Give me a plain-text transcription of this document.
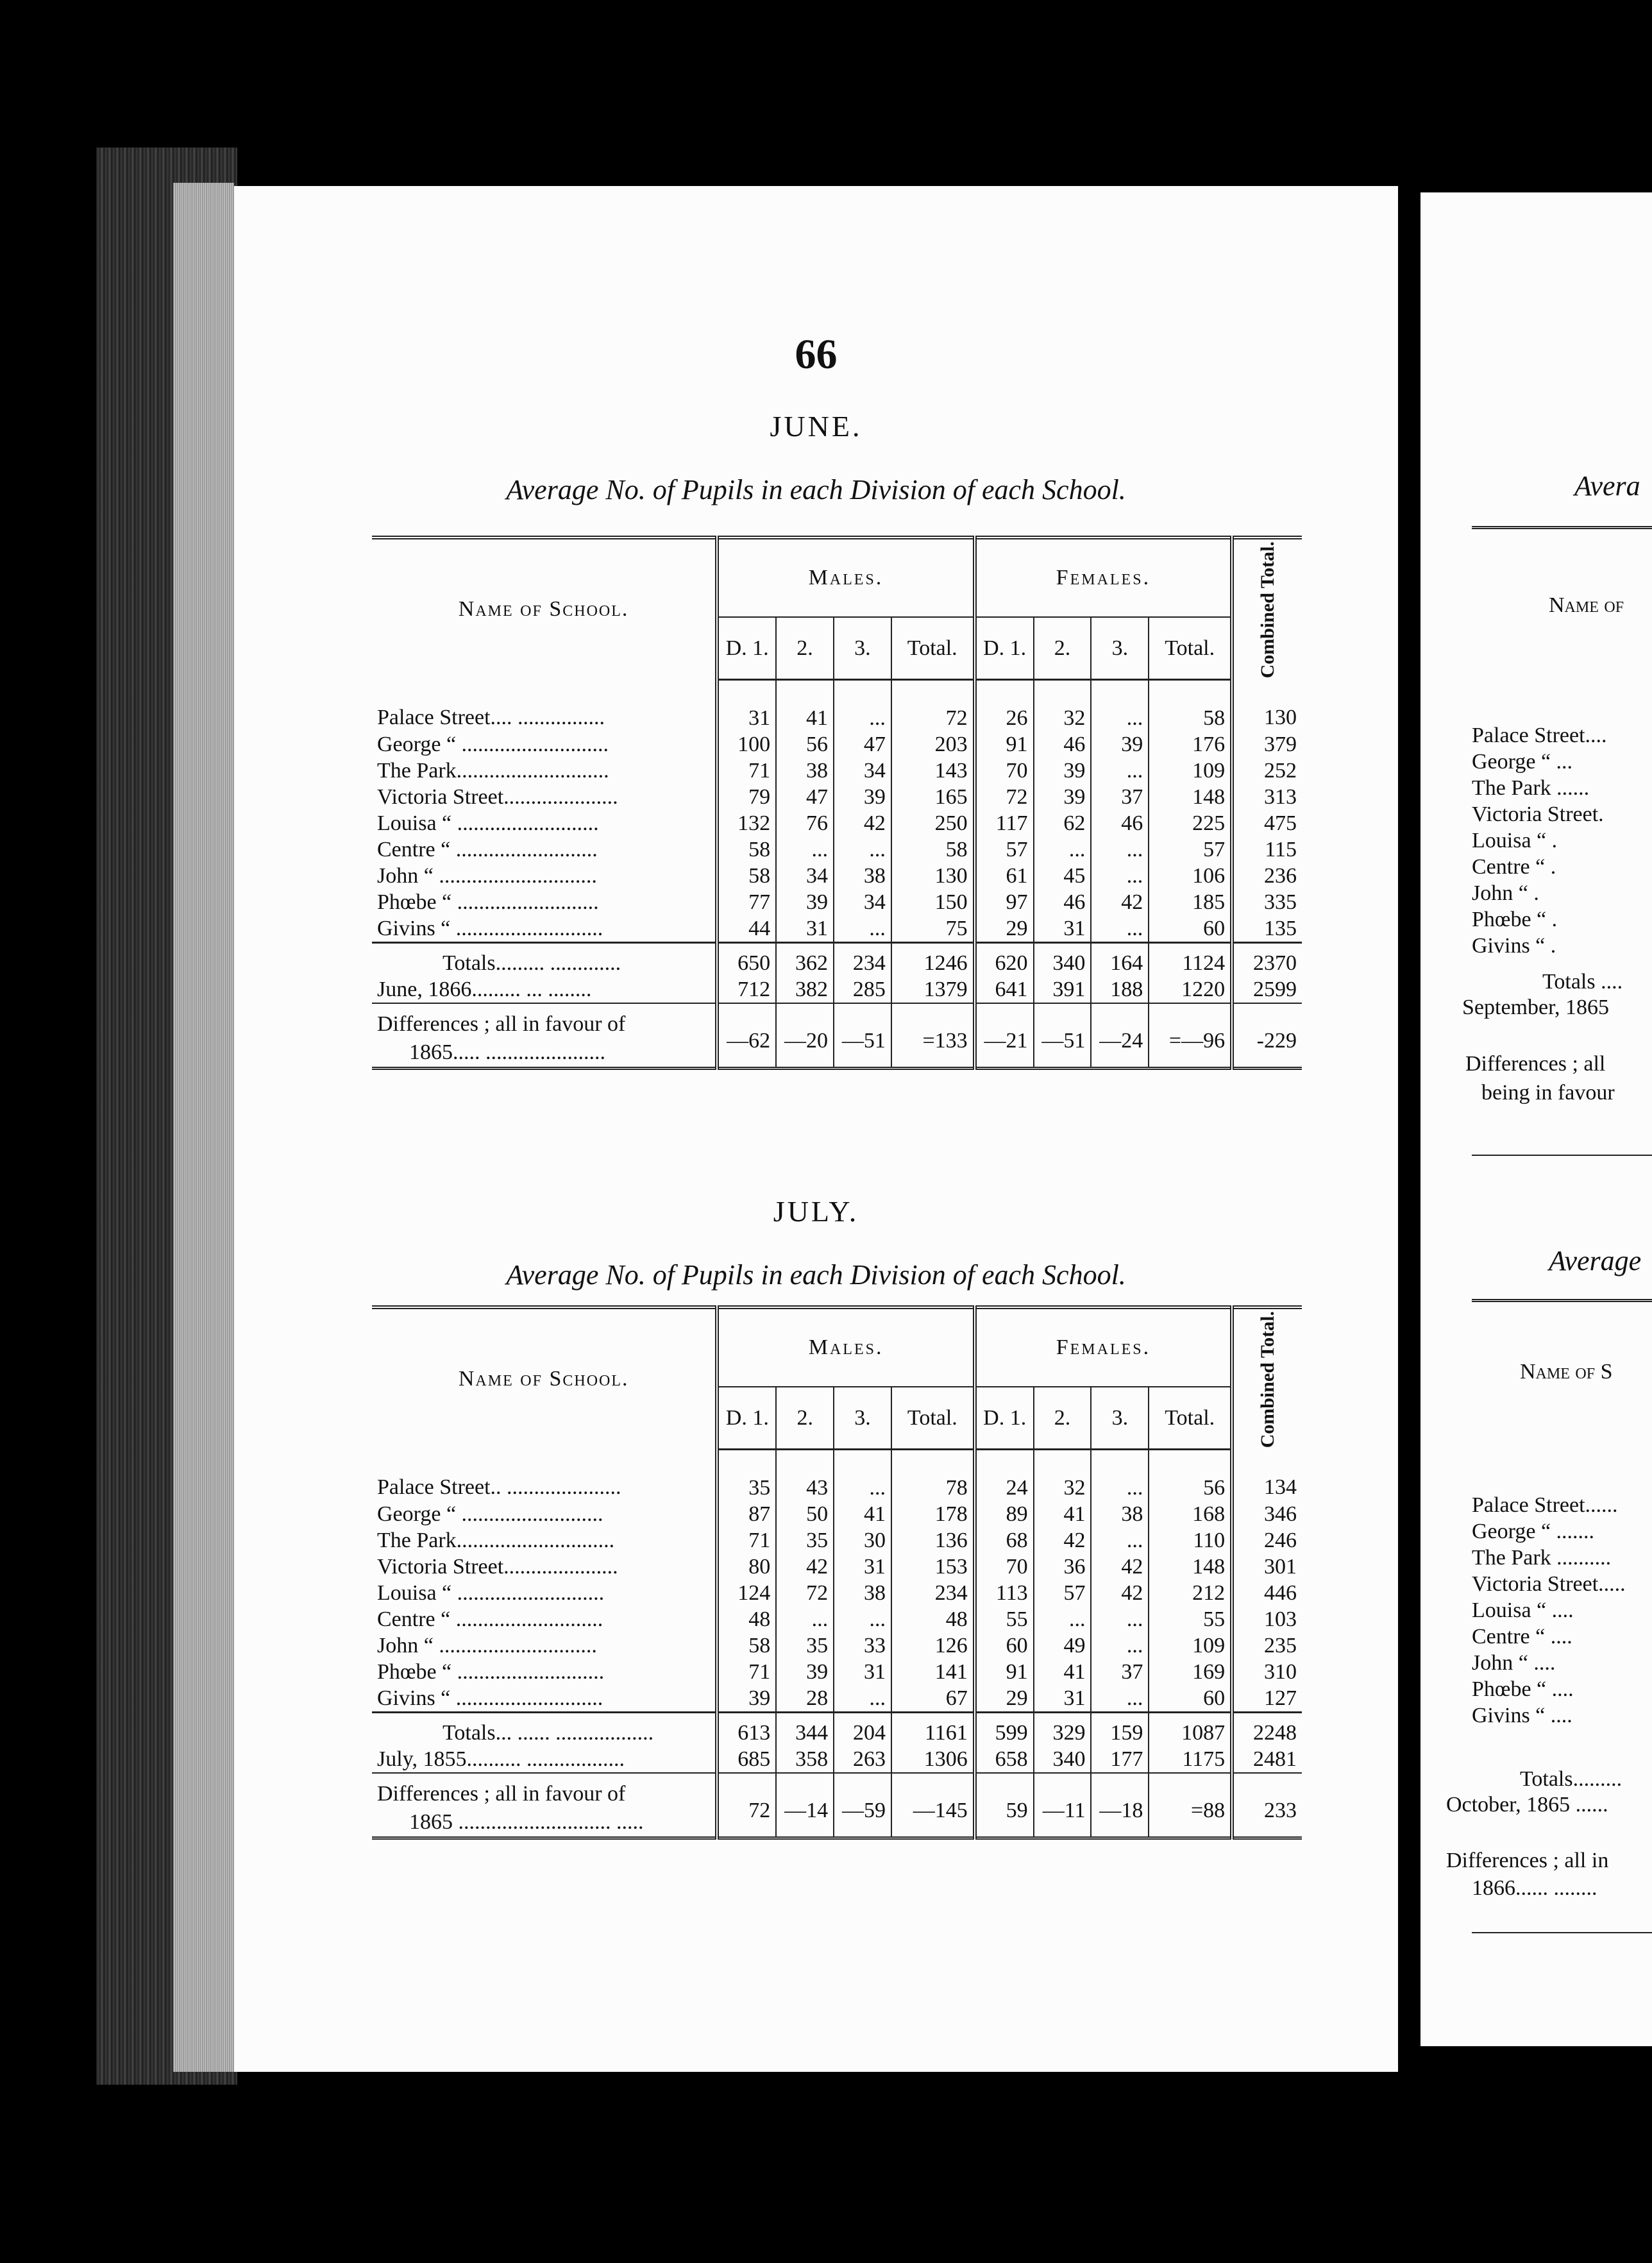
66
JUNE.
Average No. of Pupils in each Division of each School.
Name of School.	Males.				Females.				Combined Total.

	D. 1.	2.	3.	Total.	D. 1.	2.	3.	Total.	
Palace Street.... ................	31	41	...	72	26	32	...	58	130
George “ ...........................	100	56	47	203	91	46	39	176	379
The Park............................	71	38	34	143	70	39	...	109	252
Victoria Street.....................	79	47	39	165	72	39	37	148	313
Louisa “ ..........................	132	76	42	250	117	62	46	225	475
Centre “ ..........................	58	...	...	58	57	...	...	57	115
John “ .............................	58	34	38	130	61	45	...	106	236
Phœbe “ ..........................	77	39	34	150	97	46	42	185	335
Givins “ ...........................	44	31	...	75	29	31	...	60	135
Totals......... .............	650	362	234	1246	620	340	164	1124	2370
June, 1866......... ... ........	712	382	285	1379	641	391	188	1220	2599
Differences ; all in favour of
1865..... ......................	—62	—20	—51	=133	—21	—51	—24	=—96	-229
JULY.
Average No. of Pupils in each Division of each School.
Name of School.	Males.				Females.				Combined Total.

	D. 1.	2.	3.	Total.	D. 1.	2.	3.	Total.	
Palace Street.. .....................	35	43	...	78	24	32	...	56	134
George “ ..........................	87	50	41	178	89	41	38	168	346
The Park.............................	71	35	30	136	68	42	...	110	246
Victoria Street.....................	80	42	31	153	70	36	42	148	301
Louisa “ ...........................	124	72	38	234	113	57	42	212	446
Centre “ ...........................	48	...	...	48	55	...	...	55	103
John “ .............................	58	35	33	126	60	49	...	109	235
Phœbe “ ...........................	71	39	31	141	91	41	37	169	310
Givins “ ...........................	39	28	...	67	29	31	...	60	127
Totals... ...... ..................	613	344	204	1161	599	329	159	1087	2248
July, 1855.......... ..................	685	358	263	1306	658	340	177	1175	2481
Differences ; all in favour of
1865 ............................ .....	72	—14	—59	—145	59	—11	—18	=88	233
Avera
Name of
Palace Street....
George “ ...
The Park ......
Victoria Street.
Louisa “ .
Centre “ .
John “ .
Phœbe “ .
Givins “ .
Totals ....
September, 1865
Differences ; all
being in favour
Average
Name of S
Palace Street......
George “ .......
The Park ..........
Victoria Street.....
Louisa “ ....
Centre “ ....
John “ ....
Phœbe “ ....
Givins “ ....
Totals.........
October, 1865 ......
Differences ; all in
1866...... ........
